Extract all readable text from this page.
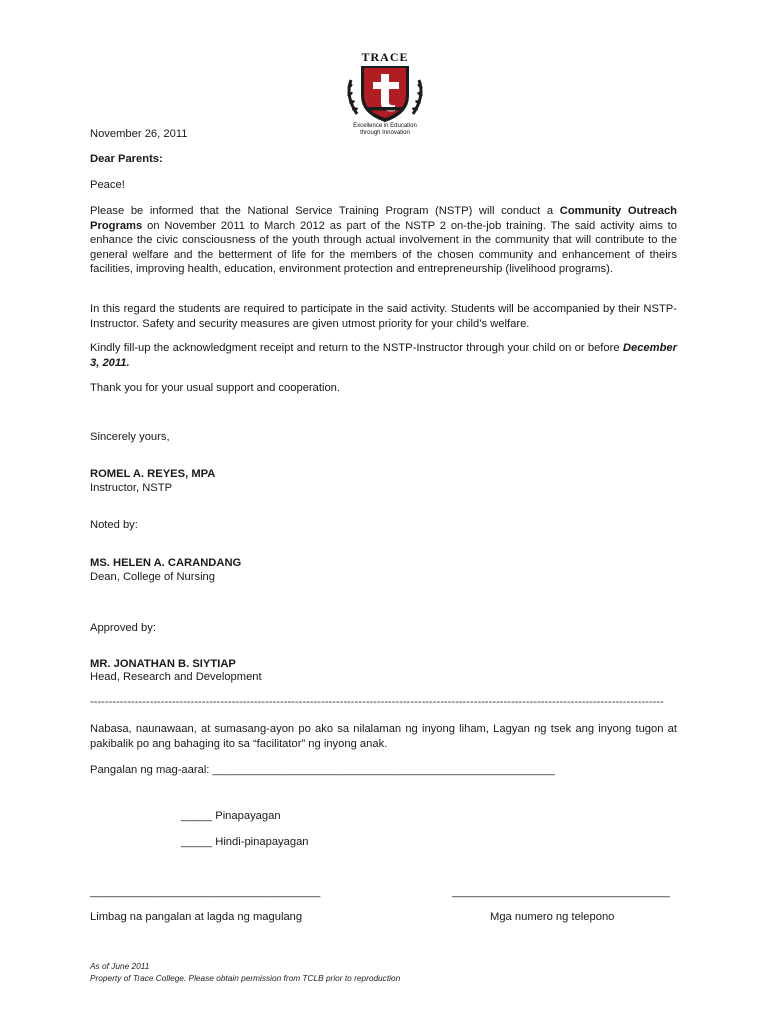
TRACE
Excellence in Education
through Innovation
November 26, 2011
Dear Parents:
Peace!

Please be informed that the National Service Training Program (NSTP) will conduct a Community Outreach Programs on November 2011 to March 2012 as part of the NSTP 2 on-the-job training. The said activity aims to enhance the civic consciousness of the youth through actual involvement in the community that will contribute to the general welfare and the betterment of life for the members of the chosen community and enhancement of theirs facilities, improving health, education, environment protection and entrepreneurship (livelihood programs).

In this regard the students are required to participate in the said activity. Students will be accompanied by their NSTP-Instructor. Safety and security measures are given utmost priority for your child’s welfare.

Kindly fill-up the acknowledgment receipt and return to the NSTP-Instructor through your child on or before December 3, 2011.

Thank you for your usual support and cooperation.
Sincerely yours,
ROMEL A. REYES, MPA
Instructor, NSTP
Noted by:
MS. HELEN A. CARANDANG
Dean, College of Nursing
Approved by:
MR. JONATHAN B. SIYTIAP
Head, Research and Development
----------------------------------------------------------------------------------------------------------------------------------------------------------

Nabasa, naunawaan, at sumasang-ayon po ako sa nilalaman ng inyong liham, Lagyan ng tsek ang inyong tugon at pakibalik po ang bahaging ito sa “facilitator” ng inyong anak.

Pangalan ng mag-aaral: _______________________________________________________
_____ Pinapayagan
_____ Hindi-pinapayagan
_____________________________________	___________________________________
Limbag na pangalan at lagda ng magulang	Mga numero ng telepono
As of June 2011
Property of Trace College. Please obtain permission from TCLB prior to reproduction
